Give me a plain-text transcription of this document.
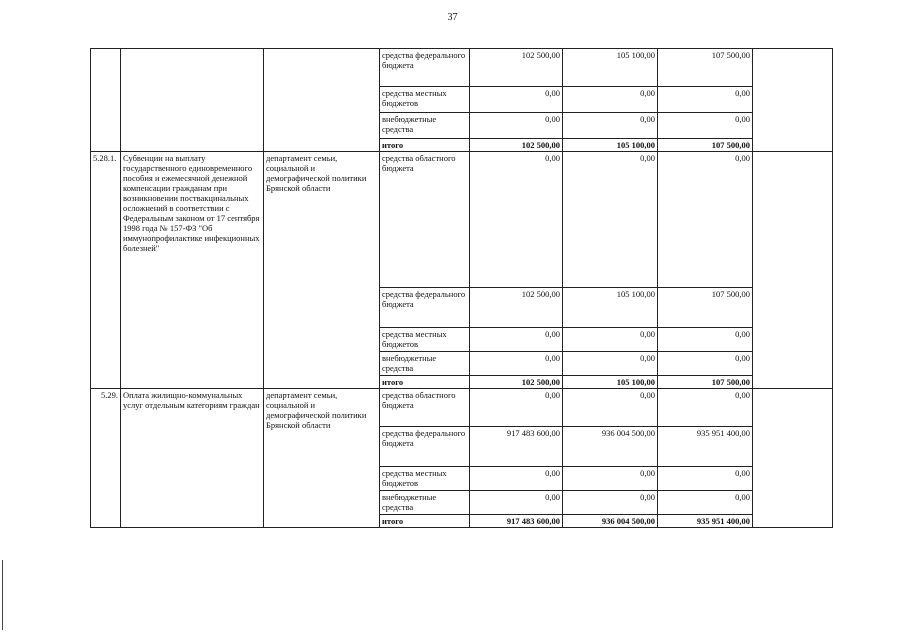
37
			средства федерального бюджета	102 500,00	105 100,00	107 500,00	
			средства местных бюджетов	0,00	0,00	0,00	
			внебюджетные средства	0,00	0,00	0,00	
			итого	102 500,00	105 100,00	107 500,00	
5.28.1.	Субвенции на выплату государственного единовременного пособия и ежемесячной денежной компенсации гражданам при возникновении поствакцинальных осложнений в соответствии с Федеральным законом от 17 сентября 1998 года № 157-ФЗ "Об иммунопрофилактике инфекционных болезней"	департамент семьи, социальной и демографической политики Брянской области	средства областного бюджета	0,00	0,00	0,00	
			средства федерального бюджета	102 500,00	105 100,00	107 500,00	
			средства местных бюджетов	0,00	0,00	0,00	
			внебюджетные средства	0,00	0,00	0,00	
			итого	102 500,00	105 100,00	107 500,00	
5.29.	Оплата жилищно-коммунальных услуг отдельным категориям граждан	департамент семьи, социальной и демографической политики Брянской области	средства областного бюджета	0,00	0,00	0,00	
			средства федерального бюджета	917 483 600,00	936 004 500,00	935 951 400,00	
			средства местных бюджетов	0,00	0,00	0,00	
			внебюджетные средства	0,00	0,00	0,00	
			итого	917 483 600,00	936 004 500,00	935 951 400,00	
